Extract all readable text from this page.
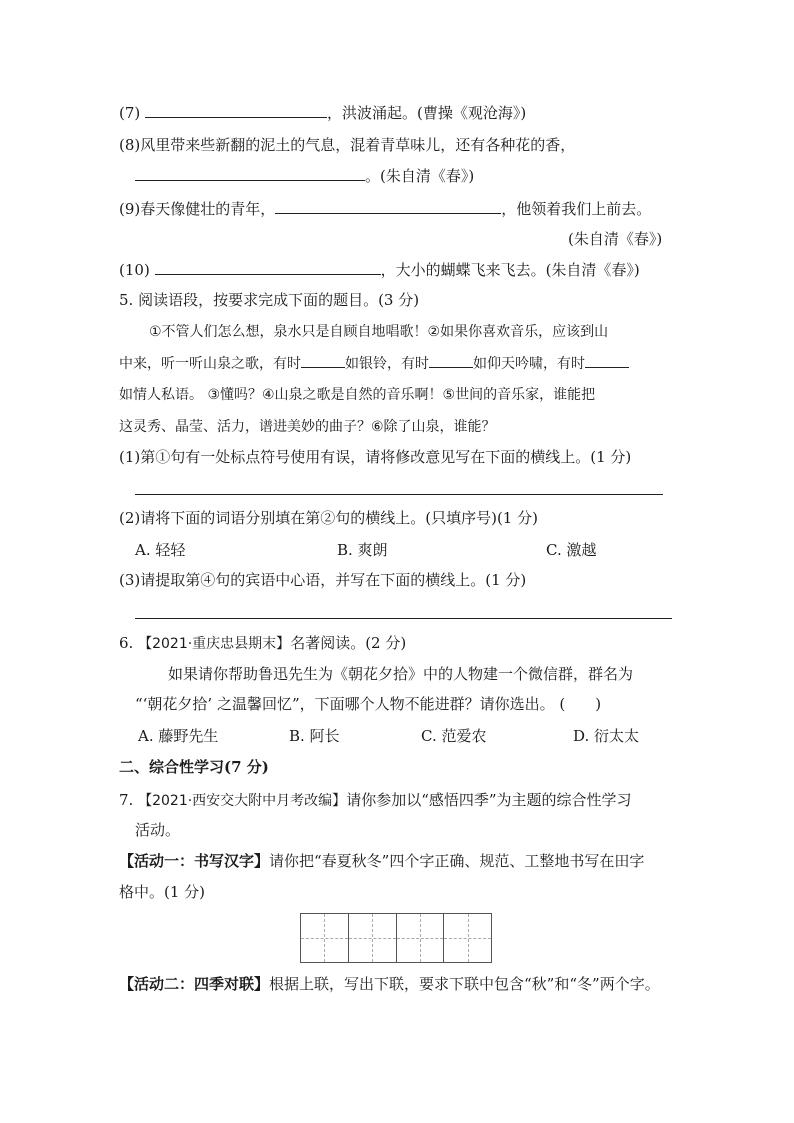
(7)	，洪波涌起。(曹操《观沧海》)
(8)风里带来些新翻的泥土的气息，混着青草味儿，还有各种花的香，
。(朱自清《春》)
(9)春天像健壮的青年，	，他领着我们上前去。
(朱自清《春》)
(10)	，大小的蝴蝶飞来飞去。(朱自清《春》)
5. 阅读语段，按要求完成下面的题目。(3 分)
①不管人们怎么想，泉水只是自顾自地唱歌！②如果你喜欢音乐，应该到山
中来，听一听山泉之歌，有时	如银铃，有时	如仰天吟啸，有时
如情人私语。 ③懂吗？④山泉之歌是自然的音乐啊！⑤世间的音乐家，谁能把
这灵秀、晶莹、活力，谱进美妙的曲子？⑥除了山泉，谁能？
(1)第①句有一处标点符号使用有误，请将修改意见写在下面的横线上。(1 分)
(2)请将下面的词语分别填在第②句的横线上。(只填序号)(1 分)
A. 轻轻	B. 爽朗	C. 激越
(3)请提取第④句的宾语中心语，并写在下面的横线上。(1 分)
6. 【2021·重庆忠县期末】名著阅读。(2 分)
如果请你帮助鲁迅先生为《朝花夕拾》中的人物建一个微信群，群名为
“‘朝花夕拾’ 之温馨回忆”，下面哪个人物不能进群？请你选出。 (　　)
A. 藤野先生	B. 阿长	C. 范爱农	D. 衍太太
二、综合性学习(7 分)
7. 【2021·西安交大附中月考改编】请你参加以“感悟四季”为主题的综合性学习
活动。
【活动一：书写汉字】请你把“春夏秋冬”四个字正确、规范、工整地书写在田字
格中。(1 分)
【活动二：四季对联】根据上联，写出下联，要求下联中包含“秋”和“冬”两个字。
